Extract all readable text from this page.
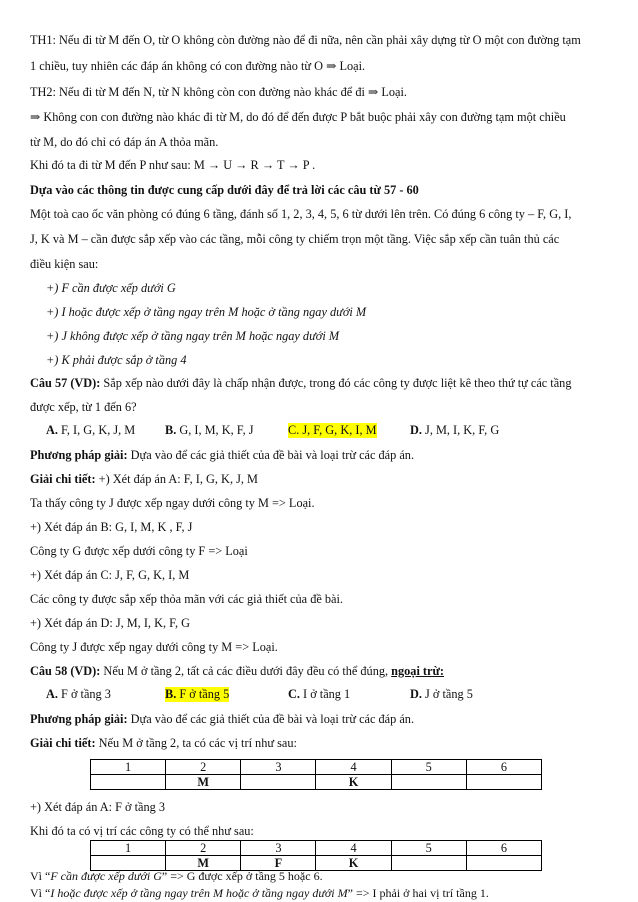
TH1: Nếu đi từ M đến O, từ O không còn đường nào để đi nữa, nên cần phải xây dựng từ O một con đường tạm
1 chiều, tuy nhiên các đáp án không có con đường nào từ O ⇒ Loại.
TH2: Nếu đi từ M đến N, từ N không còn con đường nào khác để đi ⇒ Loại.
⇒ Không con con đường nào khác đi từ M, do đó để đến được P bắt buộc phải xây con đường tạm một chiều
từ M, do đó chỉ có đáp án A thỏa mãn.
Khi đó ta đi từ M đến P như sau: M → U → R → T → P .
Dựa vào các thông tin được cung cấp dưới đây để trả lời các câu từ 57 - 60
Một toà cao ốc văn phòng có đúng 6 tầng, đánh số 1, 2, 3, 4, 5, 6 từ dưới lên trên. Có đúng 6 công ty – F, G, I,
J, K và M – cần được sắp xếp vào các tầng, mỗi công ty chiếm trọn một tầng. Việc sắp xếp cần tuân thủ các
điều kiện sau:
+) F cần được xếp dưới G
+) I hoặc được xếp ở tầng ngay trên M hoặc ở tầng ngay dưới M
+) J không được xếp ở tầng ngay trên M hoặc ngay dưới M
+) K phải được sắp ở tầng 4
Câu 57 (VD): Sắp xếp nào dưới đây là chấp nhận được, trong đó các công ty được liệt kê theo thứ tự các tầng
được xếp, từ 1 đến 6?
A. F, I, G, K, J, M B. G, I, M, K, F, J	C. J, F, G, K, I, M	D. J, M, I, K, F, G
Phương pháp giải: Dựa vào để các giả thiết của đề bài và loại trừ các đáp án.
Giải chi tiết: +) Xét đáp án A: F, I, G, K, J, M
Ta thấy công ty J được xếp ngay dưới công ty M => Loại.
+) Xét đáp án B: G, I, M, K , F, J
Công ty G được xếp dưới công ty F => Loại
+) Xét đáp án C: J, F, G, K, I, M
Các công ty được sắp xếp thỏa mãn với các giả thiết của đề bài.
+) Xét đáp án D: J, M, I, K, F, G
Công ty J được xếp ngay dưới công ty M => Loại.
Câu 58 (VD): Nếu M ở tầng 2, tất cả các điều dưới đây đều có thể đúng, ngoại trừ:
A. F ở tầng 3	B. F ở tầng 5	C. I ở tầng 1	D. J ở tầng 5
Phương pháp giải: Dựa vào để các giả thiết của đề bài và loại trừ các đáp án.
Giải chi tiết: Nếu M ở tầng 2, ta có các vị trí như sau:
1	2	3	4	5	6
	M		K		
+) Xét đáp án A: F ở tầng 3
Khi đó ta có vị trí các công ty có thể như sau:
1	2	3	4	5	6
	M	F	K		
Vì “F cần được xếp dưới G” => G được xếp ở tầng 5 hoặc 6.
Vì “I hoặc được xếp ở tầng ngay trên M hoặc ở tầng ngay dưới M” => I phải ở hai vị trí tầng 1.
